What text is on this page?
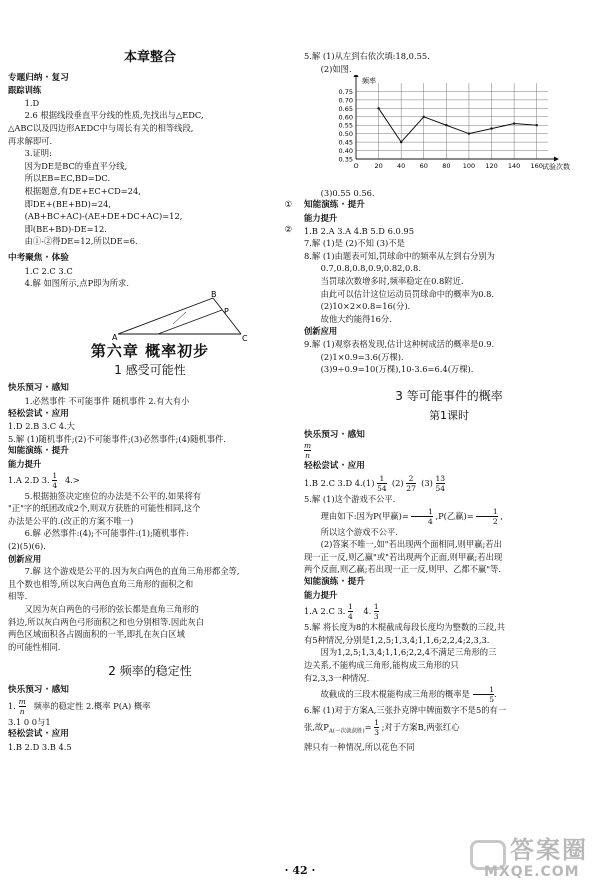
本章整合

专题归纳 · 复习

跟踪训练

1.D

2.6 根据线段垂直平分线的性质,先找出与△EDC,

△ABC以及四边形AEDC中与周长有关的相等线段,

再求解即可.

3.证明:

因为DE是BC的垂直平分线,

所以EB=EC,BD=DC.

根据题意,有DE+EC+CD=24,

即DE+(BE+BD)=24,	①

(AB+BC+AC)-(AE+DE+DC+AC)=12,

即(BE+BD)-DE=12.	②

由①-②得DE=12,所以DE=6.

中考聚焦 · 体验

1.C 2.C 3.C

4.解 如图所示,点P即为所求.

A
B
C
P

第六章 概率初步

1 感受可能性

快乐预习 · 感知

1.必然事件 不可能事件 随机事件 2.有大有小

轻松尝试 · 应用

1.D 2.B 3.C 4.大

5.解 (1)随机事件;(2)不可能事件;(3)必然事件;(4)随机事件.

知能演练 · 提升

能力提升

1.A 2.D 3. $\frac{1}{4} 4.>$

5.根据抽签决定座位的办法是不公平的.如果将有

"正"字的纸团改成2个,则双方获胜的可能性相同,这个

办法是公平的.(改正的方案不唯一)

6.解 必然事件:(4);不可能事件:(1);随机事件:

(2)(5)(6).

创新应用

7.解 这个游戏是公平的.因为灰白两色的直角三角形都全等,

且个数也相等,所以灰白两色直角三角形的面积之和

相等.

又因为灰白两色的弓形的弦长都是直角三角形的

斜边,所以灰白两色弓形面积之和也分别相等.因此灰白

两色区域面积各占圆面积的一半,即扎在灰白区域

的可能性相同.

2 频率的稳定性

快乐预习 · 感知

1. $\frac{m}{n}$ 频率的稳定性 2.概率 P(A) 概率

3.1 0 0与1

轻松尝试 · 应用

1.B 2.D 3.B 4.5

5.解 (1)从左到右依次填:18,0.55.

(2)如图.

0.75
0.70
0.65
0.60
0.55
0.50
0.45
0.40
0.35
O 20 40 60 80 100 120 140 160
频率
试验次数

(3)0.55 0.56.

知能演练 · 提升

能力提升

1.B 2.A 3.A 4.B 5.D 6.0.95

7.解 (1)是 (2)不知 (3)不是

8.解 (1)由题表可知,罚球命中的频率从左到右分别为

0.7,0.8,0.8,0.9,0.82,0.8.

当罚球次数增多时,频率稳定在0.8附近.

由此可以估计这位运动员罚球命中的概率为0.8.

(2)10×2×0.8=16(分).

故他大约能得16分.

创新应用

9.解 (1)观察表格发现,估计这种树成活的概率是0.9.

(2)1×0.9=3.6(万棵).

(3)9÷0.9=10(万棵),10-3.6=6.4(万棵).

3 等可能事件的概率

第1课时

快乐预习 · 感知

$\frac{m}{n}$

轻松尝试 · 应用

1.B 2.C 3.D $4.(1) \frac{1}{54} (2) \frac{2}{27} (3) \frac{13}{54}$

5.解 (1)这个游戏不公平.

理由如下:因为P(甲赢)= $\frac{1}{4} ,P$(乙赢)= $\frac{1}{2}$ ,

所以这个游戏不公平.

(2)答案不唯一,如"若出现两个面相同,则甲赢;若出

现一正一反,则乙赢"或"若出现两个正面,则甲赢;若出现

两个反面,则乙赢;若出现一正一反,则甲、乙都不赢"等.

知能演练 · 提升

能力提升

1.A 2.C 3. $\frac{1}{4} 4$. $\frac{1}{3}$

5.解 将长度为8的木棍截成每段长度均为整数的三段,共

有5种情况,分别是1,2,5;1,3,4;1,1,6;2,2,4;2,3,3.

因为1,2,5;1,3,4;1,1,6;2,2,4不满足三角形的三

边关系,不能构成三角形,能构成三角形的只

有2,3,3一种情况.

故截成的三段木棍能构成三角形的概率是 $\frac{1}{5}$ .

6.解 (1)对于方案A,三张扑克牌中牌面数字不是5的有一

张,故$P_{A(一次就获胜)}= \frac{1}{3}$ ;对于方案B,两张红心

牌只有一种情况,所以花色不同

· 42 ·
答案圈
MXQE.COM
